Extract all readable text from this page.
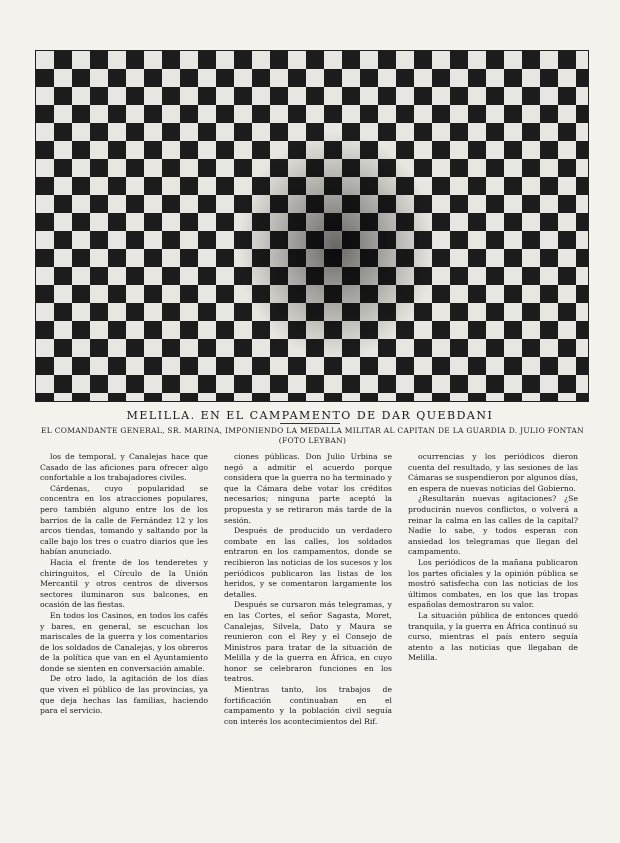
MELILLA. EN EL CAMPAMENTO DE DAR QUEBDANI
EL COMANDANTE GENERAL, SR. MARINA, IMPONIENDO LA MEDALLA MILITAR AL CAPITAN DE LA GUARDIA D. JULIO FONTAN (FOTO LEYBAN)

los de temporal, y Canalejas hace que Casado de las aficiones para ofrecer algo confortable a los trabajadores civiles.

Cárdenas, cuyo popularidad se concentra en los atracciones populares, pero también alguno entre los de los barrios de la calle de Fernández 12 y los arcos tiendas, tomando y saltando por la calle bajo los tres o cuatro diarios que les habían anunciado.

Hacia el frente de los tenderetes y chiringuitos, el Círculo de la Unión Mercantil y otros centros de diversos sectores iluminaron sus balcones, en ocasión de las fiestas.

En todos los Casinos, en todos los cafés y bares, en general, se escuchan los mariscales de la guerra y los comentarios de los soldados de Canalejas, y los obreros de la política que van en el Ayuntamiento donde se sienten en conversación amable.

De otro lado, la agitación de los días que viven el público de las provincias, ya que deja hechas las familias, haciendo para el servicio.

ciones públicas. Don Julio Urbina se negó a admitir el acuerdo porque considera que la guerra no ha terminado y que la Cámara debe votar los créditos necesarios; ninguna parte aceptó la propuesta y se retiraron más tarde de la sesión.

Después de producido un verdadero combate en las calles, los soldados entraron en los campamentos, donde se recibieron las noticias de los sucesos y los periódicos publicaron las listas de los heridos, y se comentaron largamente los detalles.

Después se cursaron más telegramas, y en las Cortes, el señor Sagasta, Moret, Canalejas, Silvela, Dato y Maura se reunieron con el Rey y el Consejo de Ministros para tratar de la situación de Melilla y de la guerra en África, en cuyo honor se celebraron funciones en los teatros.

Mientras tanto, los trabajos de fortificación continuaban en el campamento y la población civil seguía con interés los acontecimientos del Rif.

ocurrencias y los periódicos dieron cuenta del resultado, y las sesiones de las Cámaras se suspendieron por algunos días, en espera de nuevas noticias del Gobierno.

¿Resultarán nuevas agitaciones? ¿Se producirán nuevos conflictos, o volverá a reinar la calma en las calles de la capital? Nadie lo sabe, y todos esperan con ansiedad los telegramas que llegan del campamento.

Los periódicos de la mañana publicaron los partes oficiales y la opinión pública se mostró satisfecha con las noticias de los últimos combates, en los que las tropas españolas demostraron su valor.

La situación pública de entonces quedó tranquila, y la guerra en África continuó su curso, mientras el país entero seguía atento a las noticias que llegaban de Melilla.
